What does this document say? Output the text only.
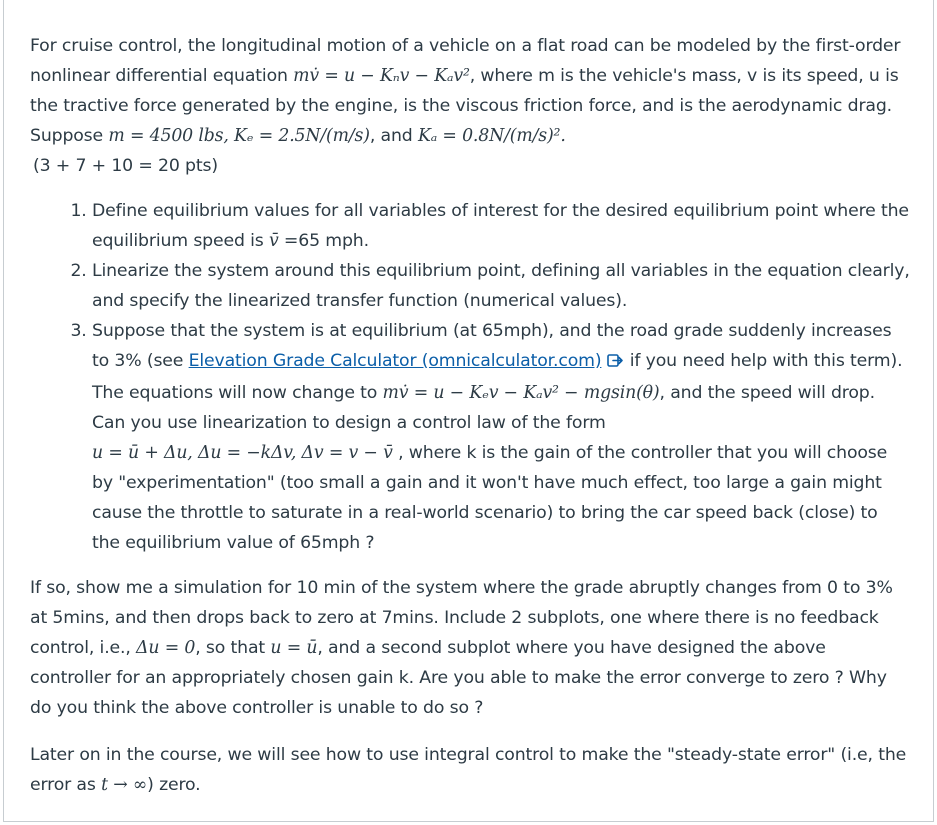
For cruise control, the longitudinal motion of a vehicle on a flat road can be modeled by the first-order nonlinear differential equation mv̇ = u − Kₙv − Kₐv², where m is the vehicle's mass, v is its speed, u is the tractive force generated by the engine, is the viscous friction force, and is the aerodynamic drag. Suppose m = 4500 lbs, Kₑ = 2.5N/(m/s), and Kₐ = 0.8N/(m/s)².
(3 + 7 + 10 = 20 pts)

1. Define equilibrium values for all variables of interest for the desired equilibrium point where the equilibrium speed is v̄ =65 mph.
2. Linearize the system around this equilibrium point, defining all variables in the equation clearly, and specify the linearized transfer function (numerical values).
3. Suppose that the system is at equilibrium (at 65mph), and the road grade suddenly increases to 3% (see Elevation Grade Calculator (omnicalculator.com) if you need help with this term). The equations will now change to mv̇ = u − Kₑv − Kₐv² − mgsin(θ), and the speed will drop. Can you use linearization to design a control law of the form
u = ū + Δu, Δu = −kΔv, Δv = v − v̄ , where k is the gain of the controller that you will choose by "experimentation" (too small a gain and it won't have much effect, too large a gain might cause the throttle to saturate in a real-world scenario) to bring the car speed back (close) to the equilibrium value of 65mph ?

If so, show me a simulation for 10 min of the system where the grade abruptly changes from 0 to 3% at 5mins, and then drops back to zero at 7mins. Include 2 subplots, one where there is no feedback control, i.e., Δu = 0, so that u = ū, and a second subplot where you have designed the above controller for an appropriately chosen gain k. Are you able to make the error converge to zero ? Why do you think the above controller is unable to do so ?

Later on in the course, we will see how to use integral control to make the "steady-state error" (i.e, the error as t → ∞) zero.
